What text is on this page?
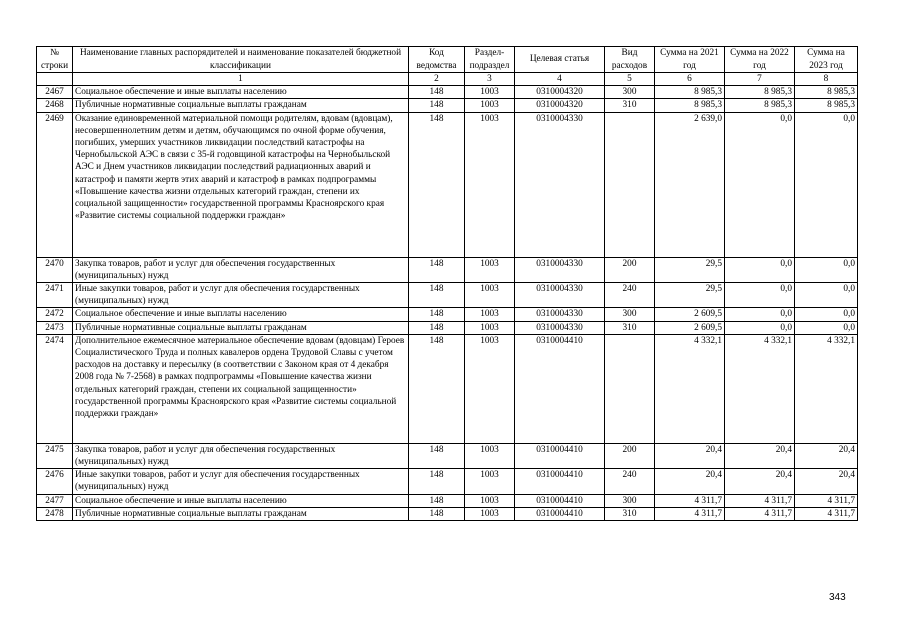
№ строки	Наименование главных распорядителей и наименование показателей бюджетной классификации	Код ведомства	Раздел-подраздел	Целевая статья	Вид расходов	Сумма на 2021 год	Сумма на 2022 год	Сумма на 2023 год
	1	2	3	4	5	6	7	8
2467	Социальное обеспечение и иные выплаты населению	148	1003	0310004320	300	8 985,3	8 985,3	8 985,3
2468	Публичные нормативные социальные выплаты гражданам	148	1003	0310004320	310	8 985,3	8 985,3	8 985,3
2469	Оказание единовременной материальной помощи родителям, вдовам (вдовцам), несовершеннолетним детям и детям, обучающимся по очной форме обучения, погибших, умерших участников ликвидации последствий катастрофы на Чернобыльской АЭС в связи с 35-й годовщиной катастрофы на Чернобыльской АЭС и Днем участников ликвидации последствий радиационных аварий и катастроф и памяти жертв этих аварий и катастроф в рамках подпрограммы «Повышение качества жизни отдельных категорий граждан, степени их социальной защищенности» государственной программы Красноярского края «Развитие системы социальной поддержки граждан»	148	1003	0310004330		2 639,0	0,0	0,0
2470	Закупка товаров, работ и услуг для обеспечения государственных (муниципальных) нужд	148	1003	0310004330	200	29,5	0,0	0,0
2471	Иные закупки товаров, работ и услуг для обеспечения государственных (муниципальных) нужд	148	1003	0310004330	240	29,5	0,0	0,0
2472	Социальное обеспечение и иные выплаты населению	148	1003	0310004330	300	2 609,5	0,0	0,0
2473	Публичные нормативные социальные выплаты гражданам	148	1003	0310004330	310	2 609,5	0,0	0,0
2474	Дополнительное ежемесячное материальное обеспечение вдовам (вдовцам) Героев Социалистического Труда и полных кавалеров ордена Трудовой Славы с учетом расходов на доставку и пересылку (в соответствии с Законом края от 4 декабря 2008 года № 7-2568) в рамках подпрограммы «Повышение качества жизни отдельных категорий граждан, степени их социальной защищенности» государственной программы Красноярского края «Развитие системы социальной поддержки граждан»	148	1003	0310004410		4 332,1	4 332,1	4 332,1
2475	Закупка товаров, работ и услуг для обеспечения государственных (муниципальных) нужд	148	1003	0310004410	200	20,4	20,4	20,4
2476	Иные закупки товаров, работ и услуг для обеспечения государственных (муниципальных) нужд	148	1003	0310004410	240	20,4	20,4	20,4
2477	Социальное обеспечение и иные выплаты населению	148	1003	0310004410	300	4 311,7	4 311,7	4 311,7
2478	Публичные нормативные социальные выплаты гражданам	148	1003	0310004410	310	4 311,7	4 311,7	4 311,7
343
